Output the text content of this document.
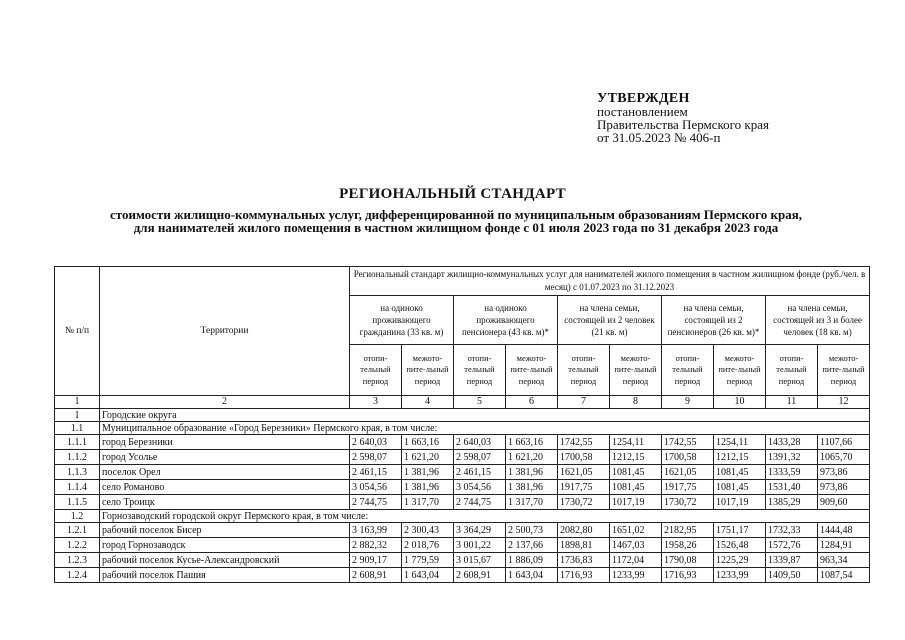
УТВЕРЖДЕН
постановлением
Правительства Пермского края
от 31.05.2023 № 406-п
РЕГИОНАЛЬНЫЙ СТАНДАРТ
стоимости жилищно-коммунальных услуг, дифференцированной по муниципальным образованиям Пермского края, для нанимателей жилого помещения в частном жилищном фонде с 01 июля 2023 года по 31 декабря 2023 года
№ п/п	Территории	Региональный стандарт жилищно-коммунальных услуг для нанимателей жилого помещения в частном жилищном фонде (руб./чел. в месяц) с 01.07.2023 по 31.12.2023									
		на одиноко проживающего гражданина (33 кв. м)		на одиноко проживающего пенсионера (43 кв. м)*		на члена семьи, состоящей из 2 человек (21 кв. м)		на члена семьи, состоящей из 2 пенсионеров (26 кв. м)*		на члена семьи, состоящей из 3 и более человек (18 кв. м)	
		отопи-тельный период	межото-пите-льный период	отопи-тельный период	межото-пите-льный период	отопи-тельный период	межото-пите-льный период	отопи-тельный период	межото-пите-льный период	отопи-тельный период	межото-пите-льный период
1	2	3	4	5	6	7	8	9	10	11	12
1	Городские округа										
1.1	Муниципальное образование «Город Березники» Пермского края, в том числе:										
1.1.1	город Березники	2 640,03	1 663,16	2 640,03	1 663,16	1742,55	1254,11	1742,55	1254,11	1433,28	1107,66
1.1.2	город Усолье	2 598,07	1 621,20	2 598,07	1 621,20	1700,58	1212,15	1700,58	1212,15	1391,32	1065,70
1.1.3	поселок Орел	2 461,15	1 381,96	2 461,15	1 381,96	1621,05	1081,45	1621,05	1081,45	1333,59	973,86
1.1.4	село Романово	3 054,56	1 381,96	3 054,56	1 381,96	1917,75	1081,45	1917,75	1081,45	1531,40	973,86
1.1.5	село Троицк	2 744,75	1 317,70	2 744,75	1 317,70	1730,72	1017,19	1730,72	1017,19	1385,29	909,60
1.2	Горнозаводский городской округ Пермского края, в том числе:										
1.2.1	рабочий поселок Бисер	3 163,99	2 300,43	3 364,29	2 500,73	2082,80	1651,02	2182,95	1751,17	1732,33	1444,48
1.2.2	город Горнозаводск	2 882,32	2 018,76	3 001,22	2 137,66	1898,81	1467,03	1958,26	1526,48	1572,76	1284,91
1.2.3	рабочий поселок Кусье-Александровский	2 909,17	1 779,59	3 015,67	1 886,09	1736,83	1172,04	1790,08	1225,29	1339,87	963,34
1.2.4	рабочий поселок Пашия	2 608,91	1 643,04	2 608,91	1 643,04	1716,93	1233,99	1716,93	1233,99	1409,50	1087,54
